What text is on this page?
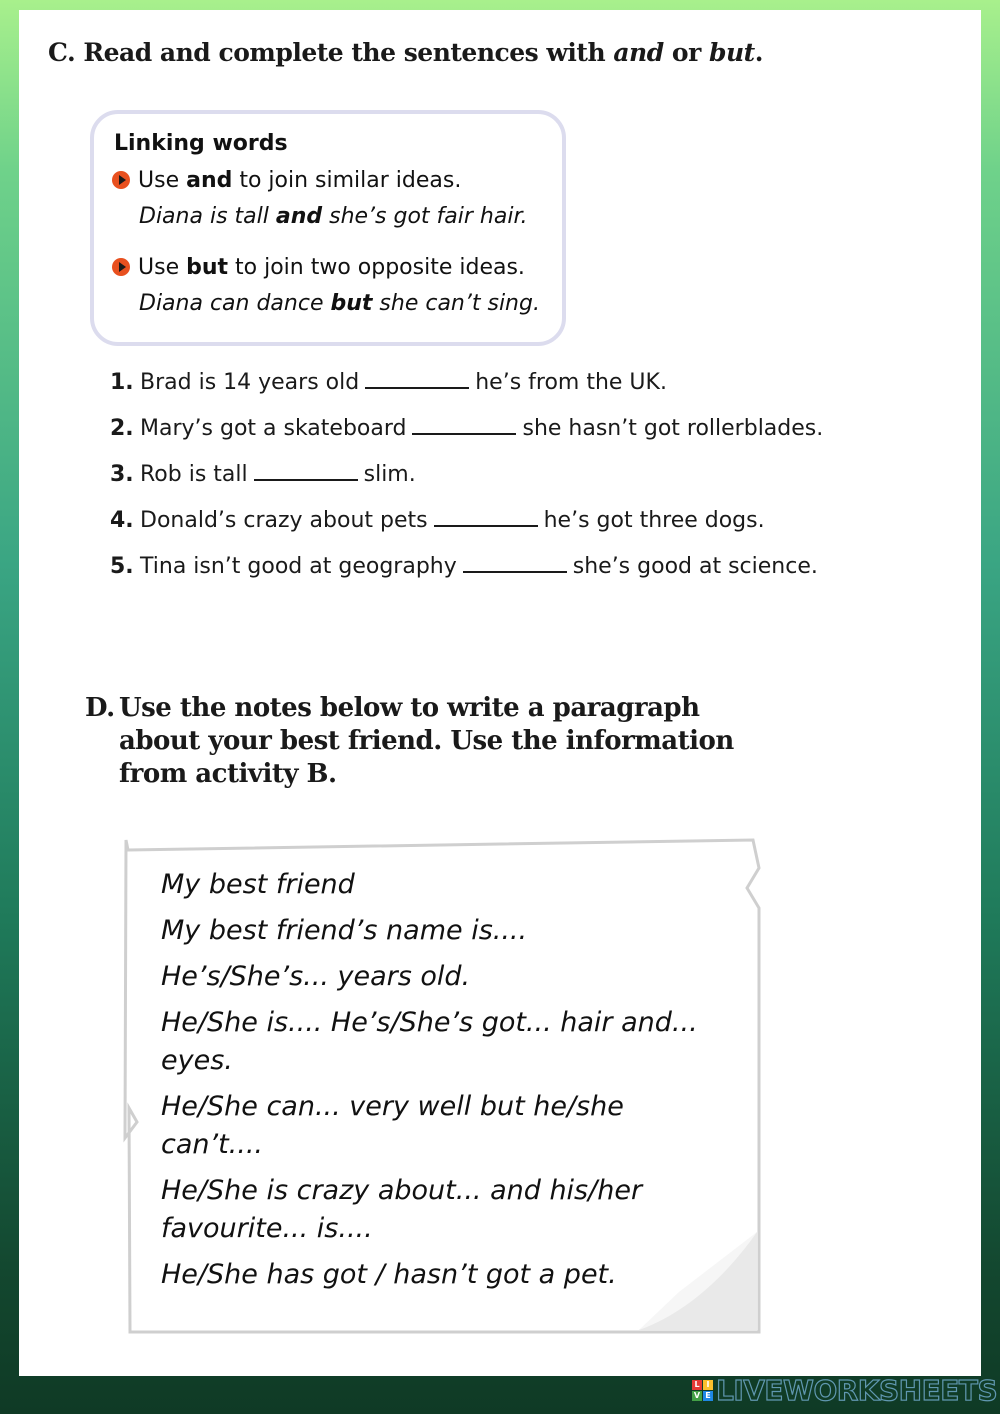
C. Read and complete the sentences with and or but.
Linking words
Use and to join similar ideas.
Diana is tall and she’s got fair hair.
Use but to join two opposite ideas.
Diana can dance but she can’t sing.
1. Brad is 14 years old	he’s from the UK.
2. Mary’s got a skateboard	she hasn’t got rollerblades.
3. Rob is tall	slim.
4. Donald’s crazy about pets	he’s got three dogs.
5. Tina isn’t good at geography	she’s good at science.
D. Use the notes below to write a paragraph
about your best friend. Use the information
from activity B.
My best friend
My best friend’s name is....
He’s/She’s... years old.
He/She is.... He’s/She’s got... hair and... eyes.
He/She can... very well but he/she can’t....
He/She is crazy about... and his/her favourite... is....
He/She has got / hasn’t got a pet.
L I
V E LIVEWORKSHEETS
